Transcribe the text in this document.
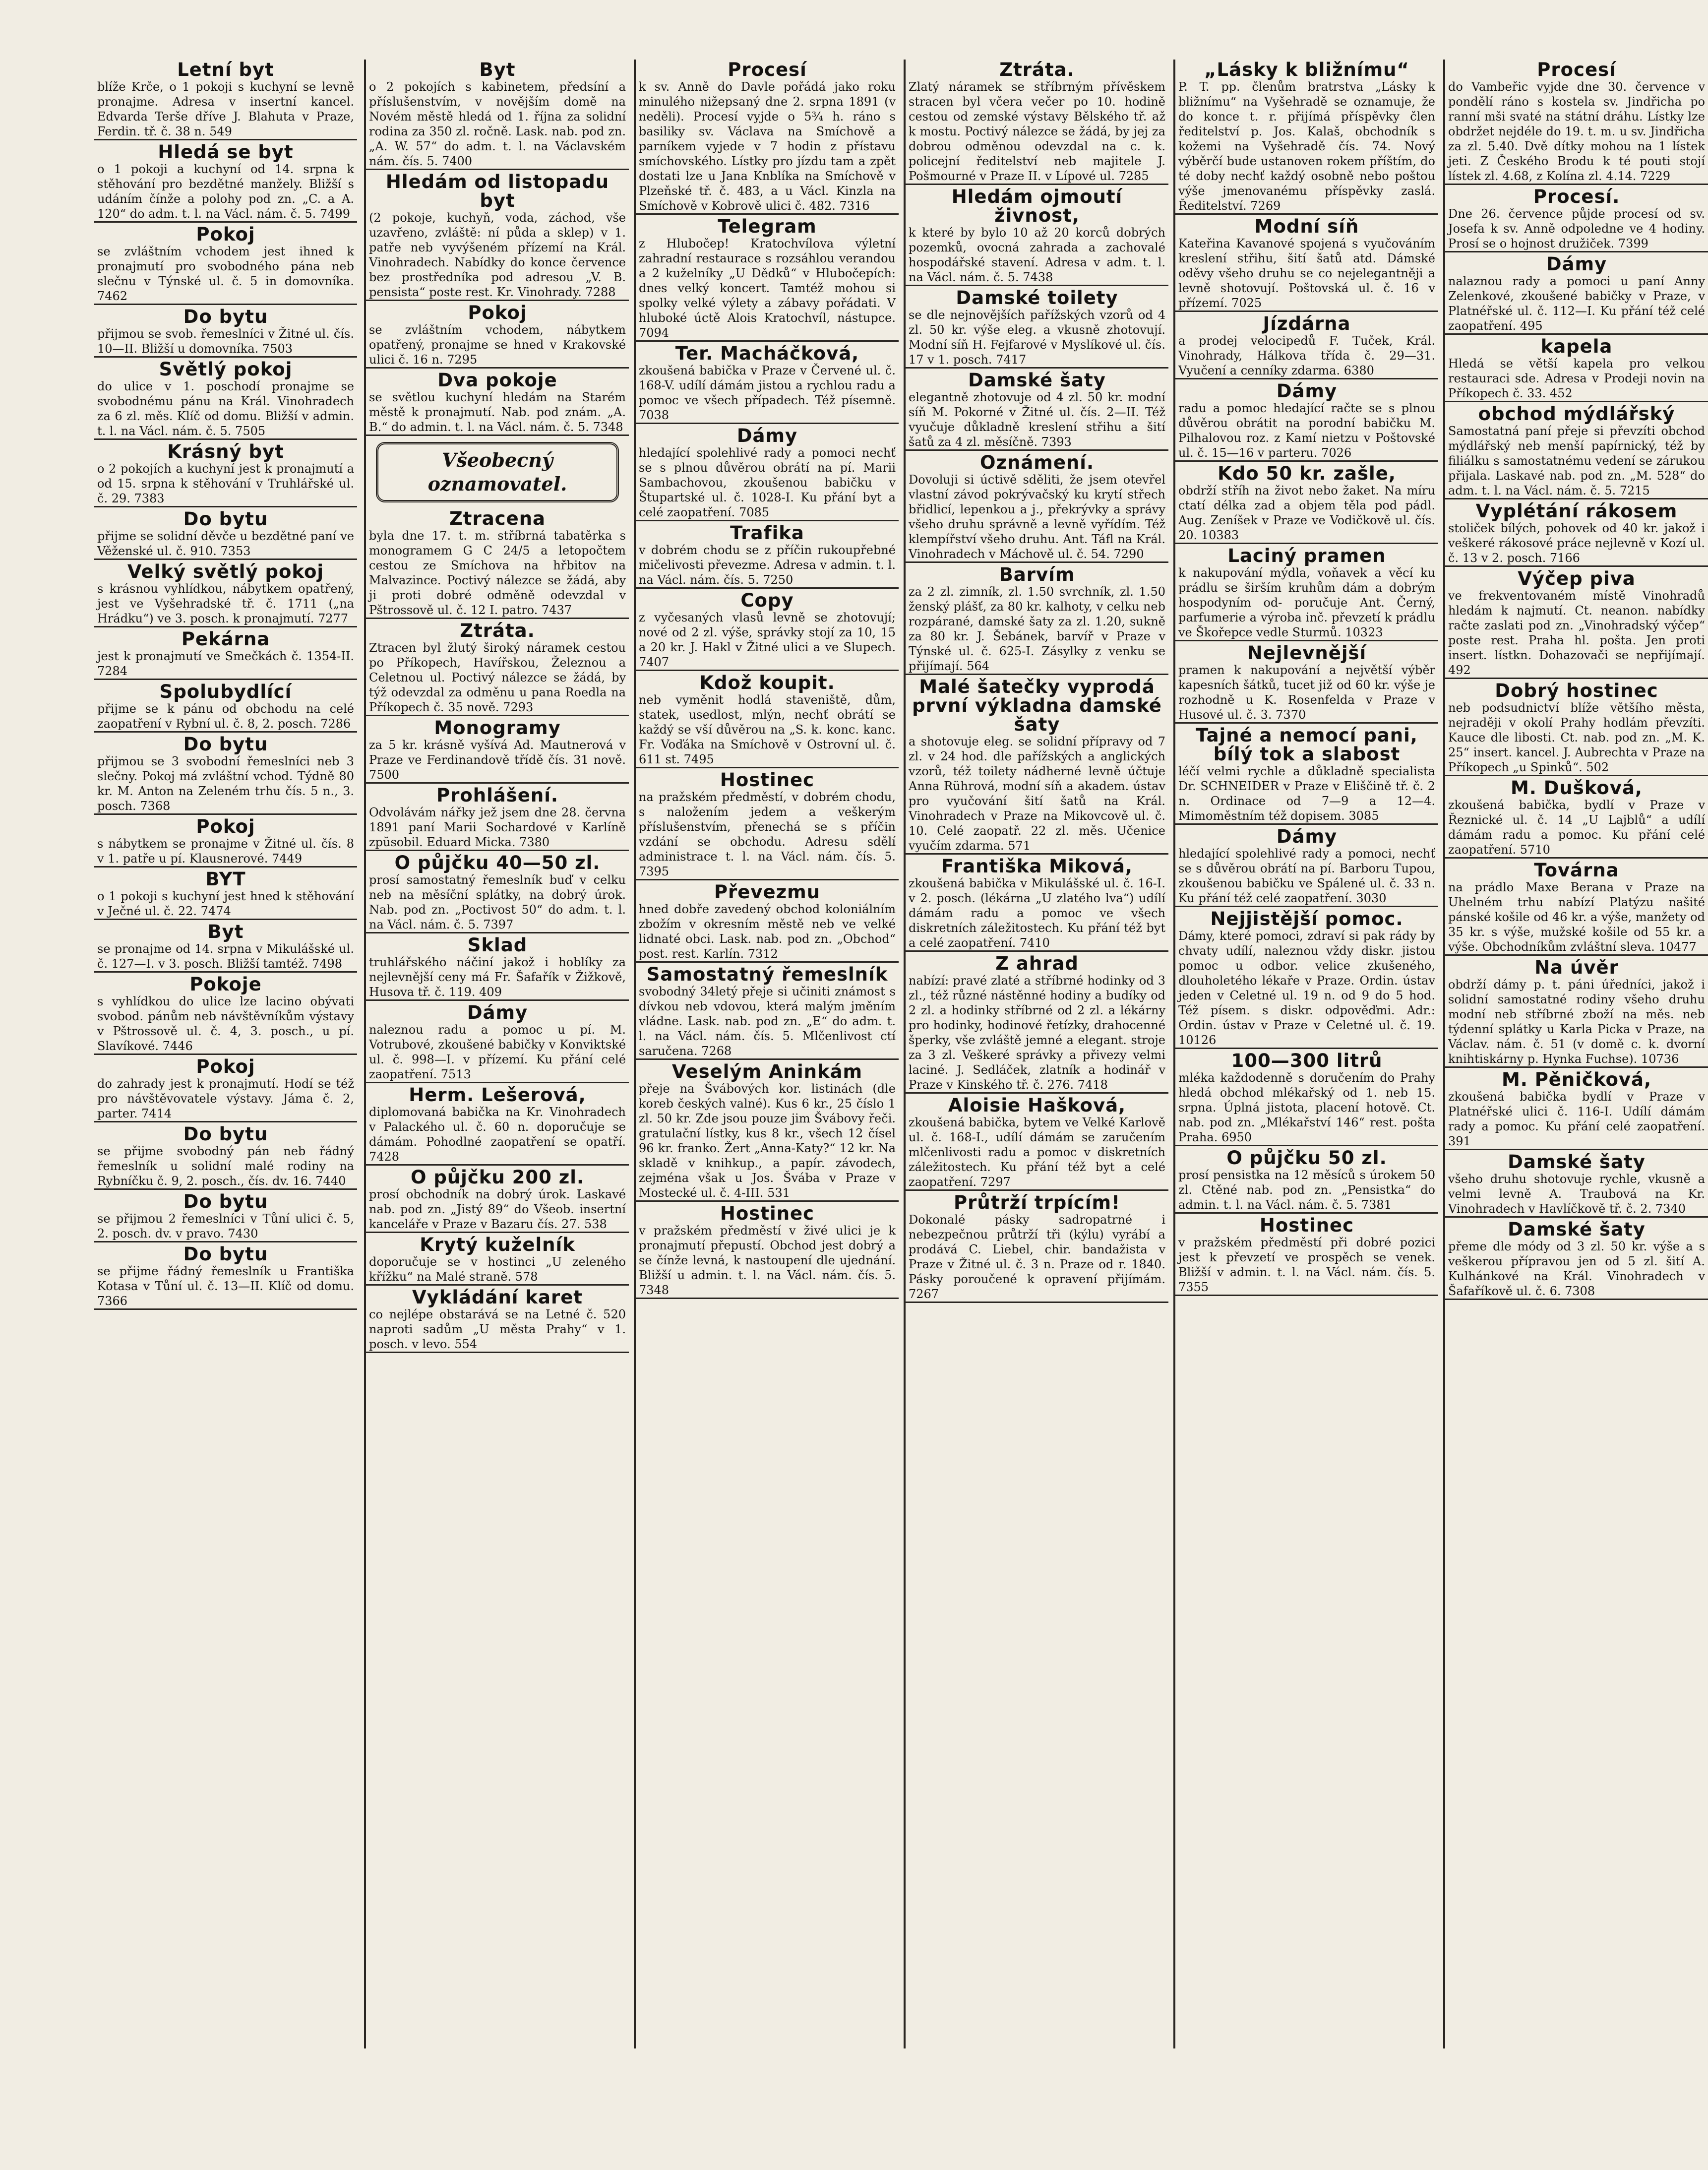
Letní byt

blíže Krče, o 1 pokoji s kuchyní se levně pronajme. Adresa v insertní kancel. Edvarda Terše dříve J. Blahuta v Praze, Ferdin. tř. č. 38 n. 549

Hledá se byt

o 1 pokoji a kuchyní od 14. srpna k stěhování pro bezdětné manžely. Bližší s udáním čínže a polohy pod zn. „C. a A. 120“ do adm. t. l. na Václ. nám. č. 5. 7499

Pokoj

se zvláštním vchodem jest ihned k pronajmutí pro svobodného pána neb slečnu v Týnské ul. č. 5 in domovníka. 7462

Do bytu

přijmou se svob. řemeslníci v Žitné ul. čís. 10—II. Bližší u domovníka. 7503

Světlý pokoj

do ulice v 1. poschodí pronajme se svobodnému pánu na Král. Vinohradech za 6 zl. měs. Klíč od domu. Bližší v admin. t. l. na Václ. nám. č. 5. 7505

Krásný byt

o 2 pokojích a kuchyní jest k pronajmutí a od 15. srpna k stěhování v Truhlářské ul. č. 29. 7383

Do bytu

přijme se solidní děvče u bezdětné paní ve Věženské ul. č. 910. 7353

Velký světlý pokoj

s krásnou vyhlídkou, nábytkem opatřený, jest ve Vyšehradské tř. č. 1711 („na Hrádku“) ve 3. posch. k pronajmutí. 7277

Pekárna

jest k pronajmutí ve Smečkách č. 1354-II. 7284

Spolubydlící

přijme se k pánu od obchodu na celé zaopatření v Rybní ul. č. 8, 2. posch. 7286

Do bytu

přijmou se 3 svobodní řemeslníci neb 3 slečny. Pokoj má zvláštní vchod. Týdně 80 kr. M. Anton na Zeleném trhu čís. 5 n., 3. posch. 7368

Pokoj

s nábytkem se pronajme v Žitné ul. čís. 8 v 1. patře u pí. Klausnerové. 7449

BYT

o 1 pokoji s kuchyní jest hned k stěhování v Ječné ul. č. 22. 7474

Byt

se pronajme od 14. srpna v Mikulášské ul. č. 127—I. v 3. posch. Bližší tamtéž. 7498

Pokoje

s vyhlídkou do ulice lze lacino obývati svobod. pánům neb návštěvníkům výstavy v Pštrossově ul. č. 4, 3. posch., u pí. Slavíkové. 7446

Pokoj

do zahrady jest k pronajmutí. Hodí se též pro návštěvovatele výstavy. Jáma č. 2, parter. 7414

Do bytu

se přijme svobodný pán neb řádný řemeslník u solidní malé rodiny na Rybníčku č. 9, 2. posch., čís. dv. 16. 7440

Do bytu

se přijmou 2 řemeslníci v Tůní ulici č. 5, 2. posch. dv. v pravo. 7430

Do bytu

se přijme řádný řemeslník u Františka Kotasa v Tůní ul. č. 13—II. Klíč od domu. 7366

Byt

o 2 pokojích s kabinetem, předsíní a příslušenstvím, v novějším domě na Novém městě hledá od 1. října za solidní rodina za 350 zl. ročně. Lask. nab. pod zn. „A. W. 57“ do adm. t. l. na Václavském nám. čís. 5. 7400

Hledám od listopadu byt

(2 pokoje, kuchyň, voda, záchod, vše uzavřeno, zvláště: ní půda a sklep) v 1. patře neb vyvýšeném přízemí na Král. Vinohradech. Nabídky do konce července bez prostředníka pod adresou „V. B. pensista“ poste rest. Kr. Vinohrady. 7288

Pokoj

se zvláštním vchodem, nábytkem opatřený, pronajme se hned v Krakovské ulici č. 16 n. 7295

Dva pokoje

se světlou kuchyní hledám na Starém městě k pronajmutí. Nab. pod znám. „A. B.“ do admin. t. l. na Václ. nám. č. 5. 7348

Všeobecný oznamovatel.
Ztracena

byla dne 17. t. m. stříbrná tabatěrka s monogramem G C 24/5 a letopočtem cestou ze Smíchova na hřbitov na Malvazince. Poctivý nálezce se žádá, aby ji proti dobré odměně odevzdal v Pštrossově ul. č. 12 I. patro. 7437

Ztráta.

Ztracen byl žlutý široký náramek cestou po Příkopech, Havířskou, Železnou a Celetnou ul. Poctivý nálezce se žádá, by týž odevzdal za odměnu u pana Roedla na Příkopech č. 35 nově. 7293

Monogramy

za 5 kr. krásně vyšívá Ad. Mautnerová v Praze ve Ferdinandově třídě čís. 31 nově. 7500

Prohlášení.

Odvolávám nářky jež jsem dne 28. června 1891 paní Marii Sochardové v Karlíně zpŭsobil. Eduard Micka. 7380

O půjčku 40—50 zl.

prosí samostatný řemeslník buď v celku neb na měsíční splátky, na dobrý úrok. Nab. pod zn. „Poctivost 50“ do adm. t. l. na Václ. nám. č. 5. 7397

Sklad

truhlářského náčiní jakož i hoblíky za nejlevnější ceny má Fr. Šafařík v Žižkově, Husova tř. č. 119. 409

Dámy

naleznou radu a pomoc u pí. M. Votrubové, zkoušené babičky v Konviktské ul. č. 998—I. v přízemí. Ku přání celé zaopatření. 7513

Herm. Lešerová,

diplomovaná babička na Kr. Vinohradech v Palackého ul. č. 60 n. doporučuje se dámám. Pohodlné zaopatření se opatří. 7428

O půjčku 200 zl.

prosí obchodník na dobrý úrok. Laskavé nab. pod zn. „Jistý 89“ do Všeob. insertní kanceláře v Praze v Bazaru čís. 27. 538

Krytý kuželník

doporučuje se v hostinci „U zeleného křížku“ na Malé straně. 578

Vykládání karet

co nejlépe obstarává se na Letné č. 520 naproti sadům „U města Prahy“ v 1. posch. v levo. 554

Procesí

k sv. Anně do Davle pořádá jako roku minulého nižepsaný dne 2. srpna 1891 (v neděli). Procesí vyjde o 5¾ h. ráno s basiliky sv. Václava na Smíchově a parníkem vyjede v 7 hodin z přístavu smíchovského. Lístky pro jízdu tam a zpět dostati lze u Jana Knblíka na Smíchově v Plzeňské tř. č. 483, a u Václ. Kinzla na Smíchově v Kobrově ulici č. 482. 7316

Telegram

z Hlubočep! Kratochvílova výletní zahradní restaurace s rozsáhlou verandou a 2 kuželníky „U Dědků“ v Hlubočepích: dnes velký koncert. Tamtéž mohou si spolky velké výlety a zábavy pořádati. V hluboké úctě Alois Kratochvíl, nástupce. 7094

Ter. Macháčková,

zkoušená babička v Praze v Červené ul. č. 168-V. udílí dámám jistou a rychlou radu a pomoc ve všech případech. Též písemně. 7038

Dámy

hledající spolehlivé rady a pomoci nechť se s plnou důvěrou obrátí na pí. Marii Sambachovou, zkoušenou babičku v Štupartské ul. č. 1028-I. Ku přání byt a celé zaopatření. 7085

Trafika

v dobrém chodu se z příčin rukoupřebné mičelivosti převezme. Adresa v admin. t. l. na Václ. nám. čís. 5. 7250

Copy

z vyčesaných vlasů levně se zhotovují; nové od 2 zl. výše, správky stojí za 10, 15 a 20 kr. J. Hakl v Žitné ulici a ve Slupech. 7407

Kdož koupit.

neb vyměnit hodlá staveniště, dům, statek, usedlost, mlýn, nechť obrátí se každý se vší důvěrou na „S. k. konc. kanc. Fr. Voďáka na Smíchově v Ostrovní ul. č. 611 st. 7495

Hostinec

na pražském předměstí, v dobrém chodu, s naložením jedem a veškerým příslušenstvím, přenechá se s příčin vzdání se obchodu. Adresu sdělí administrace t. l. na Václ. nám. čís. 5. 7395

Převezmu

hned dobře zavedený obchod koloniálním zbožím v okresním městě neb ve velké lidnaté obci. Lask. nab. pod zn. „Obchod“ post. rest. Karlín. 7312

Samostatný řemeslník

svobodný 34letý přeje si učiniti známost s dívkou neb vdovou, která malým jměním vládne. Lask. nab. pod zn. „E“ do adm. t. l. na Václ. nám. čís. 5. Mlčenlivost ctí saručena. 7268

Veselým Aninkám

přeje na Švábových kor. listinách (dle koreb českých valné). Kus 6 kr., 25 číslo 1 zl. 50 kr. Zde jsou pouze jim Švábovy řeči. gratulační lístky, kus 8 kr., všech 12 čísel 96 kr. franko. Žert „Anna-Katy?“ 12 kr. Na skladě v knihkup., a papír. závodech, zejména však u Jos. Švába v Praze v Mostecké ul. č. 4-III. 531

Hostinec

v pražském předměstí v živé ulici je k pronajmutí přepustí. Obchod jest dobrý a se čínže levná, k nastoupení dle ujednání. Bližší u admin. t. l. na Václ. nám. čís. 5. 7348

Ztráta.

Zlatý náramek se stříbrným přívěskem stracen byl včera večer po 10. hodině cestou od zemské výstavy Bělského tř. až k mostu. Poctivý nálezce se žádá, by jej za dobrou odměnou odevzdal na c. k. policejní ředitelství neb majitele J. Pošmourné v Praze II. v Lípové ul. 7285

Hledám ojmoutí živnost,

k které by bylo 10 až 20 korců dobrých pozemků, ovocná zahrada a zachovalé hospodářské stavení. Adresa v adm. t. l. na Václ. nám. č. 5. 7438

Damské toilety

se dle nejnovějších pařížských vzorů od 4 zl. 50 kr. výše eleg. a vkusně zhotovují. Modní síň H. Fejfarové v Myslíkové ul. čís. 17 v 1. posch. 7417

Damské šaty

elegantně zhotovuje od 4 zl. 50 kr. modní síň M. Pokorné v Žitné ul. čís. 2—II. Též vyučuje důkladně kreslení střihu a šití šatů za 4 zl. měsíčně. 7393

Oznámení.

Dovoluji si úctivě sděliti, že jsem otevřel vlastní závod pokrývačský ku krytí střech břidlicí, lepenkou a j., překrývky a správy všeho druhu správně a levně vyřídím. Též klempířství všeho druhu. Ant. Táfl na Král. Vinohradech v Máchově ul. č. 54. 7290

Barvím

za 2 zl. zimník, zl. 1.50 svrchník, zl. 1.50 ženský plášť, za 80 kr. kalhoty, v celku neb rozpárané, damské šaty za zl. 1.20, sukně za 80 kr. J. Šebánek, barvíř v Praze v Týnské ul. č. 625-I. Zásylky z venku se přijímají. 564

Malé šatečky vyprodá první výkladna damské šaty

a shotovuje eleg. se solidní přípravy od 7 zl. v 24 hod. dle pařížských a anglických vzorů, též toilety nádherné levně účtuje Anna Rührová, modní síň a akadem. ústav pro vyučování šití šatů na Král. Vinohradech v Praze na Mikovcově ul. č. 10. Celé zaopatř. 22 zl. měs. Učenice vyučím zdarma. 571

Františka Miková,

zkoušená babička v Mikulášské ul. č. 16-I. v 2. posch. (lékárna „U zlatého lva“) udílí dámám radu a pomoc ve všech diskretních záležitostech. Ku přání též byt a celé zaopatření. 7410

Z ahrad

nabízí: pravé zlaté a stříbrné hodinky od 3 zl., též různé nástěnné hodiny a budíky od 2 zl. a hodinky stříbrné od 2 zl. a lékárny pro hodinky, hodinové řetízky, drahocenné šperky, vše zvláště jemné a elegant. stroje za 3 zl. Veškeré správky a přivezy velmi laciné. J. Sedláček, zlatník a hodinář v Praze v Kinského tř. č. 276. 7418

Aloisie Hašková,

zkoušená babička, bytem ve Velké Karlově ul. č. 168-I., udílí dámám se zaručením mlčenlivosti radu a pomoc v diskretních záležitostech. Ku přání též byt a celé zaopatření. 7297

Průtrží trpícím!

Dokonalé pásky sadropatrné i nebezpečnou průtrží tři (kýlu) vyrábí a prodává C. Liebel, chir. bandažista v Praze v Žitné ul. č. 3 n. Praze od r. 1840. Pásky poroučené k opravení přijímám. 7267

„Lásky k bližnímu“

P. T. pp. členům bratrstva „Lásky k bližnímu“ na Vyšehradě se oznamuje, že do konce t. r. přijímá příspěvky člen ředitelství p. Jos. Kalaš, obchodník s kožemi na Vyšehradě čís. 74. Nový výběrčí bude ustanoven rokem příštím, do té doby nechť každý osobně nebo poštou výše jmenovanému příspěvky zaslá. Ředitelství. 7269

Modní síň

Kateřina Kavanové spojená s vyučováním kreslení střihu, šití šatů atd. Dámské oděvy všeho druhu se co nejelegantněji a levně shotovují. Poštovská ul. č. 16 v přízemí. 7025

Jízdárna

a prodej velocipedů F. Tuček, Král. Vinohrady, Hálkova třída č. 29—31. Vyučení a cenníky zdarma. 6380

Dámy

radu a pomoc hledající račte se s plnou důvěrou obrátit na porodní babičku M. Pilhalovou roz. z Kamí nietzu v Poštovské ul. č. 15—16 v parteru. 7026

Kdo 50 kr. zašle,

obdrží stříh na život nebo žaket. Na míru ctatí délka zad a objem těla pod pádl. Aug. Zeníšek v Praze ve Vodičkově ul. čís. 20. 10383

Laciný pramen

k nakupování mýdla, voňavek a věcí ku prádlu se širším kruhům dám a dobrým hospodyním od- poručuje Ant. Černý, parfumerie a výroba inč. převzetí k prádlu ve Škořepce vedle Sturmů. 10323

Nejlevnější

pramen k nakupování a největší výběr kapesních šátků, tucet již od 60 kr. výše je rozhodně u K. Rosenfelda v Praze v Husové ul. č. 3. 7370

Tajné a nemocí pani, bílý tok a slabost

léčí velmi rychle a důkladně specialista Dr. SCHNEIDER v Praze v Eliščině tř. č. 2 n. Ordinace od 7—9 a 12—4. Mimoměstním též dopisem. 3085

Dámy

hledající spolehlivé rady a pomoci, nechť se s důvěrou obrátí na pí. Barboru Tupou, zkoušenou babičku ve Spálené ul. č. 33 n. Ku přání též celé zaopatření. 3030

Nejjistější pomoc.

Dámy, které pomoci, zdraví si pak rády by chvaty udílí, naleznou vždy diskr. jistou pomoc u odbor. velice zkušeného, dlouholetého lékaře v Praze. Ordin. ústav jeden v Celetné ul. 19 n. od 9 do 5 hod. Též písem. s diskr. odpověďmi. Adr.: Ordin. ústav v Praze v Celetné ul. č. 19. 10126

100—300 litrů

mléka každodenně s doručením do Prahy hledá obchod mlékařský od 1. neb 15. srpna. Úplná jistota, placení hotově. Ct. nab. pod zn. „Mlékařství 146“ rest. pošta Praha. 6950

O půjčku 50 zl.

prosí pensistka na 12 měsíců s úrokem 50 zl. Ctěné nab. pod zn. „Pensistka“ do admin. t. l. na Václ. nám. č. 5. 7381

Hostinec

v pražském předměstí při dobré pozici jest k převzetí ve prospěch se venek. Bližší v admin. t. l. na Václ. nám. čís. 5. 7355

Procesí

do Vambeřic vyjde dne 30. července v pondělí ráno s kostela sv. Jindřicha po ranní mši svaté na státní dráhu. Lístky lze obdržet nejdéle do 19. t. m. u sv. Jindřicha za zl. 5.40. Dvě dítky mohou na 1 lístek jeti. Z Českého Brodu k té pouti stojí lístek zl. 4.68, z Kolína zl. 4.14. 7229

Procesí.

Dne 26. července půjde procesí od sv. Josefa k sv. Anně odpoledne ve 4 hodiny. Prosí se o hojnost družiček. 7399

Dámy

nalaznou rady a pomoci u paní Anny Zelenkové, zkoušené babičky v Praze, v Platnéřské ul. č. 112—I. Ku přání též celé zaopatření. 495

kapela

Hledá se větší kapela pro velkou restauraci sde. Adresa v Prodeji novin na Příkopech č. 33. 452

obchod mýdlářský

Samostatná paní přeje si převzíti obchod mýdlářský neb menší papírnický, též by filiálku s samostatnému vedení se zárukou přijala. Laskavé nab. pod zn. „M. 528“ do adm. t. l. na Václ. nám. č. 5. 7215

Vyplétání rákosem

stoliček bílých, pohovek od 40 kr. jakož i veškeré rákosové práce nejlevně v Kozí ul. č. 13 v 2. posch. 7166

Výčep piva

ve frekventovaném místě Vinohradů hledám k najmutí. Ct. neanon. nabídky račte zaslati pod zn. „Vinohradský výčep“ poste rest. Praha hl. pošta. Jen proti insert. lístkn. Dohazovači se nepřijímají. 492

Dobrý hostinec

neb podsudnictví blíže většího města, nejraději v okolí Prahy hodlám převzíti. Kauce dle libosti. Ct. nab. pod zn. „M. K. 25“ insert. kancel. J. Aubrechta v Praze na Příkopech „u Spinků“. 502

M. Dušková,

zkoušená babička, bydlí v Praze v Řeznické ul. č. 14 „U Lajblů“ a udílí dámám radu a pomoc. Ku přání celé zaopatření. 5710

Továrna

na prádlo Maxe Berana v Praze na Uhelném trhu nabízí Platýzu našité pánské košile od 46 kr. a výše, manžety od 35 kr. s výše, mužské košile od 55 kr. a výše. Obchodníkům zvláštní sleva. 10477

Na úvěr

obdrží dámy p. t. páni úředníci, jakož i solidní samostatné rodiny všeho druhu modní neb stříbrné zboží na měs. neb týdenní splátky u Karla Picka v Praze, na Václav. nám. č. 51 (v domě c. k. dvorní knihtiskárny p. Hynka Fuchse). 10736

M. Pěničková,

zkoušená babička bydlí v Praze v Platnéřské ulici č. 116-I. Udílí dámám rady a pomoc. Ku přání celé zaopatření. 391

Damské šaty

všeho druhu shotovuje rychle, vkusně a velmi levně A. Traubová na Kr. Vinohradech v Havlíčkově tř. č. 2. 7340

Damské šaty

přeme dle módy od 3 zl. 50 kr. výše a s veškerou přípravou jen od 5 zl. šití A. Kulhánkové na Král. Vinohradech v Šafaříkově ul. č. 6. 7308
